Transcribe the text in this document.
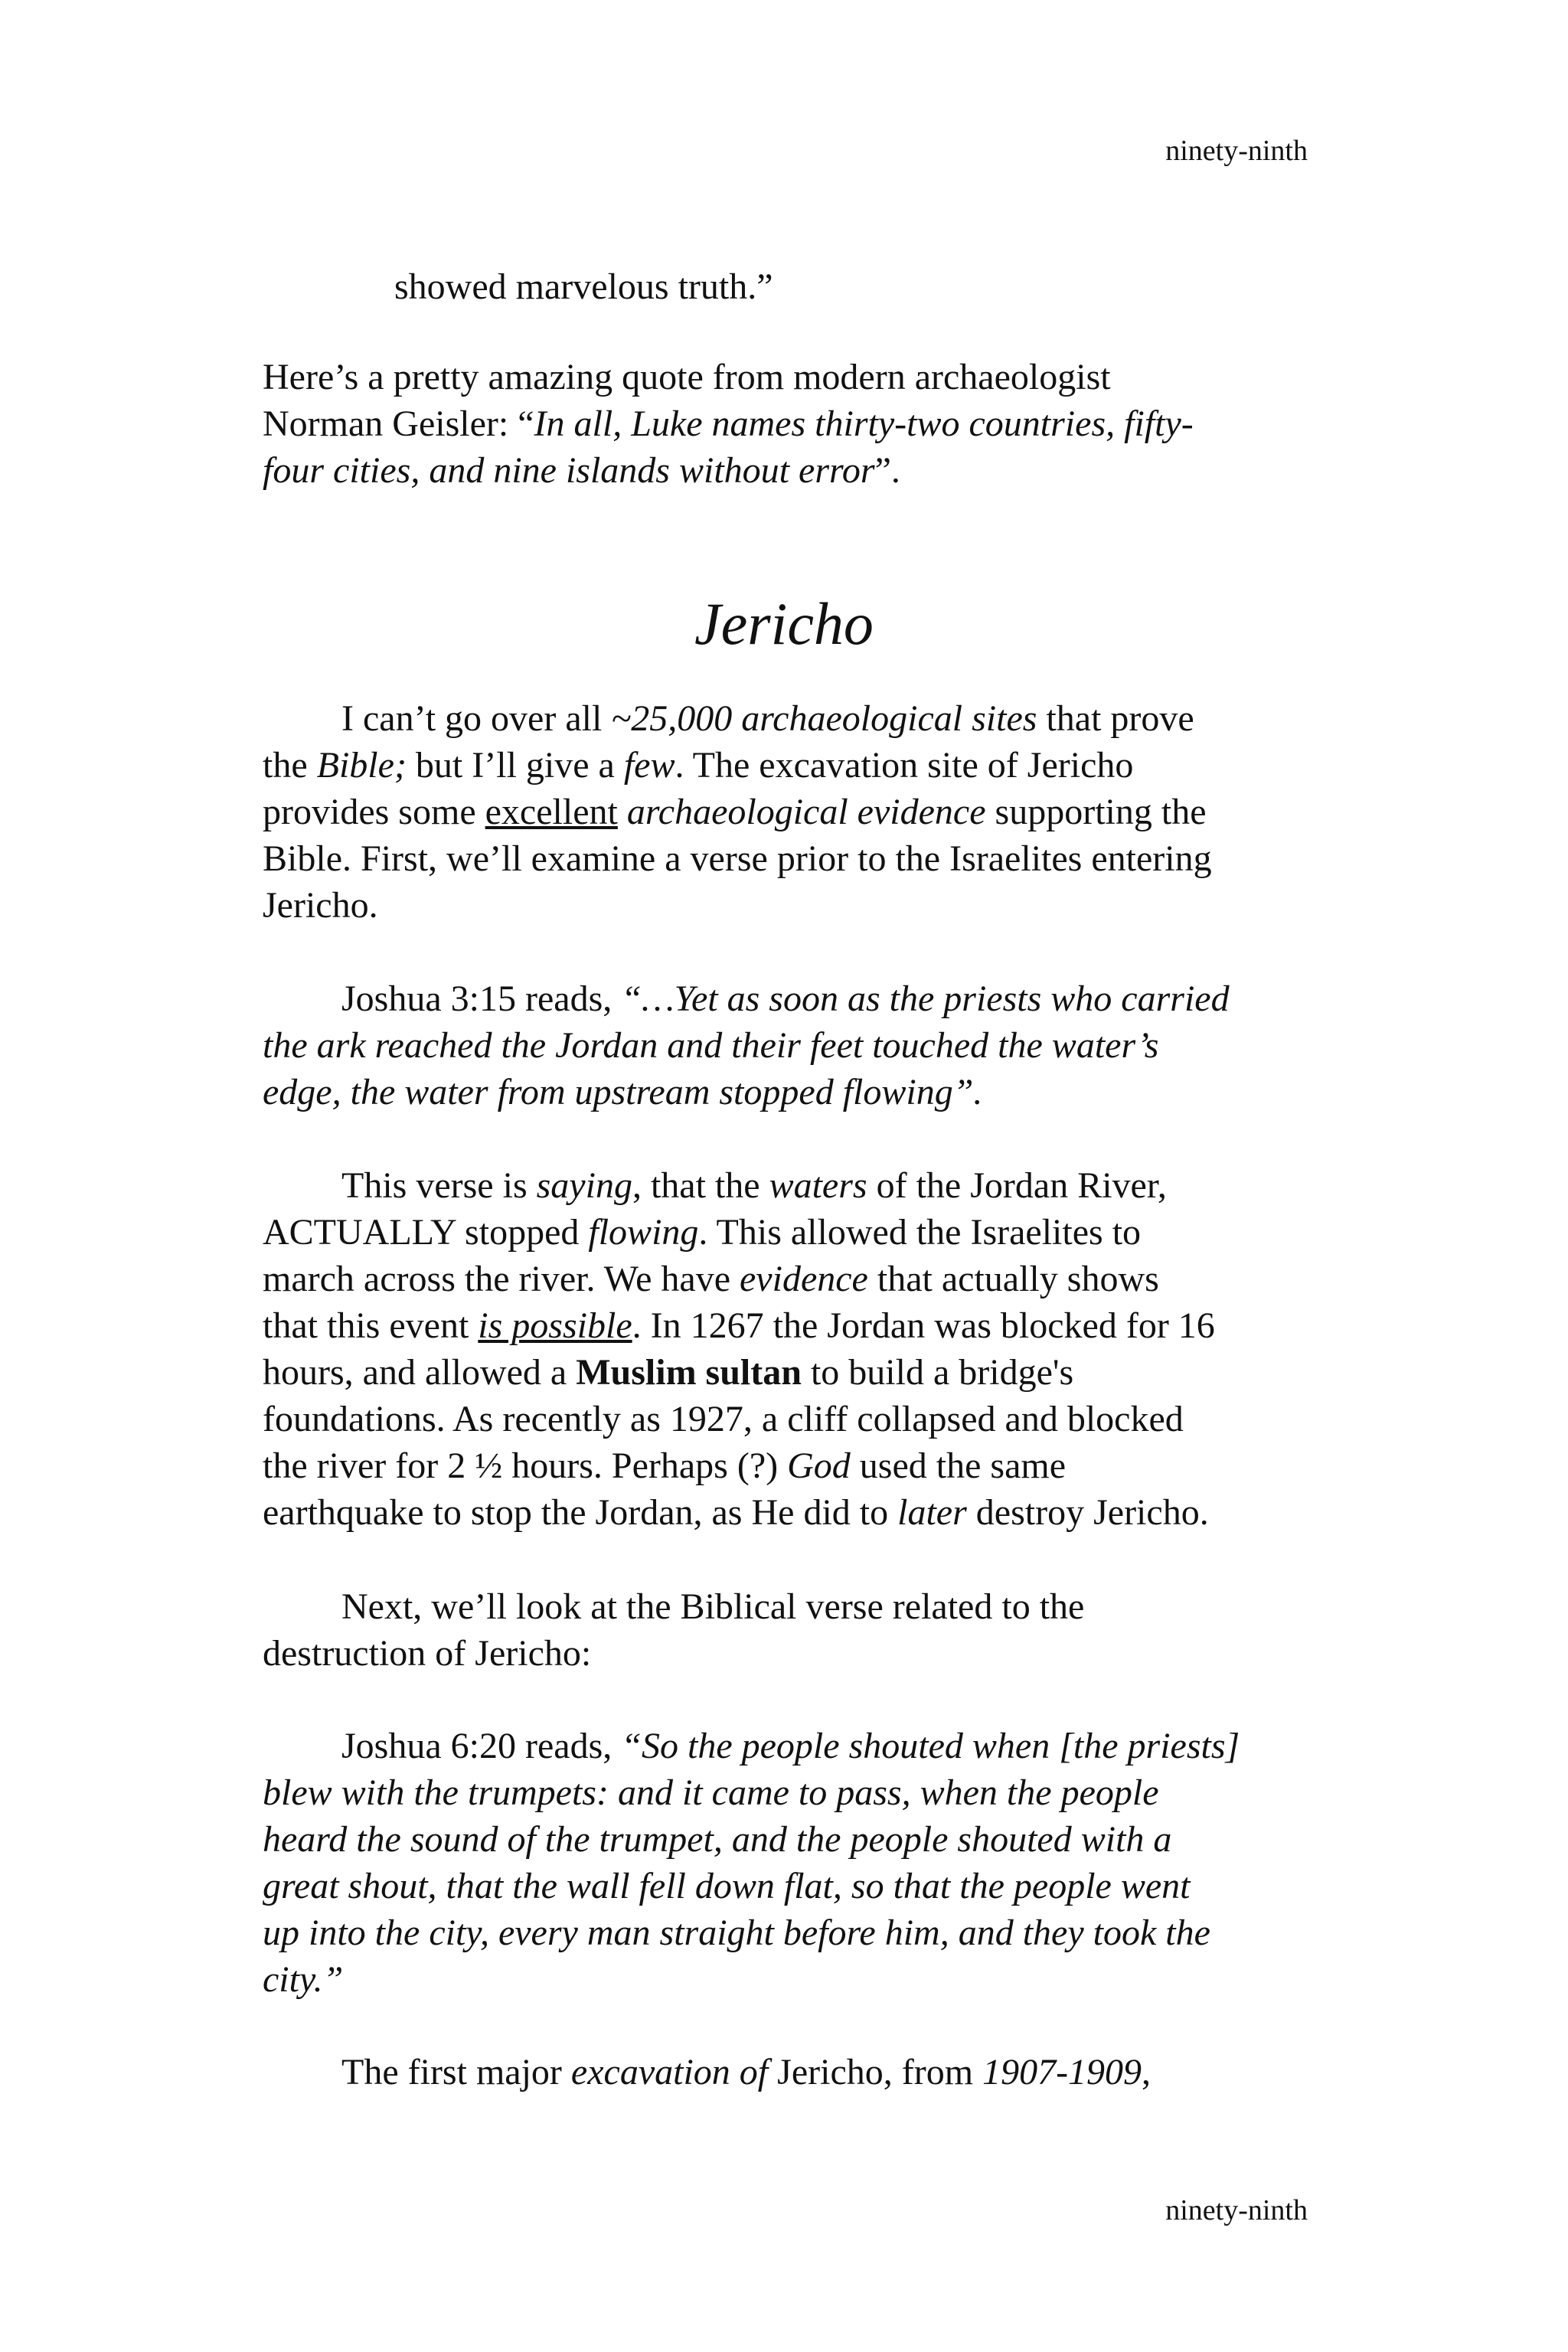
ninety-ninth

showed marvelous truth.”

Here’s a pretty amazing quote from modern archaeologist
Norman Geisler: “In all, Luke names thirty-two countries, fifty-
four cities, and nine islands without error”.

I can’t go over all ~25,000 archaeological sites that prove
the Bible; but I’ll give a few. The excavation site of Jericho
provides some excellent archaeological evidence supporting the
Bible. First, we’ll examine a verse prior to the Israelites entering
Jericho.

Joshua 3:15 reads, “…Yet as soon as the priests who carried
the ark reached the Jordan and their feet touched the water’s
edge, the water from upstream stopped flowing”.

This verse is saying, that the waters of the Jordan River,
ACTUALLY stopped flowing. This allowed the Israelites to
march across the river. We have evidence that actually shows
that this event is possible. In 1267 the Jordan was blocked for 16
hours, and allowed a Muslim sultan to build a bridge's
foundations. As recently as 1927, a cliff collapsed and blocked
the river for 2 ½ hours. Perhaps (?) God used the same
earthquake to stop the Jordan, as He did to later destroy Jericho.

Next, we’ll look at the Biblical verse related to the
destruction of Jericho:

Joshua 6:20 reads, “So the people shouted when [the priests]
blew with the trumpets: and it came to pass, when the people
heard the sound of the trumpet, and the people shouted with a
great shout, that the wall fell down flat, so that the people went
up into the city, every man straight before him, and they took the
city.”

The first major excavation of Jericho, from 1907-1909,

Jericho
ninety-ninth
